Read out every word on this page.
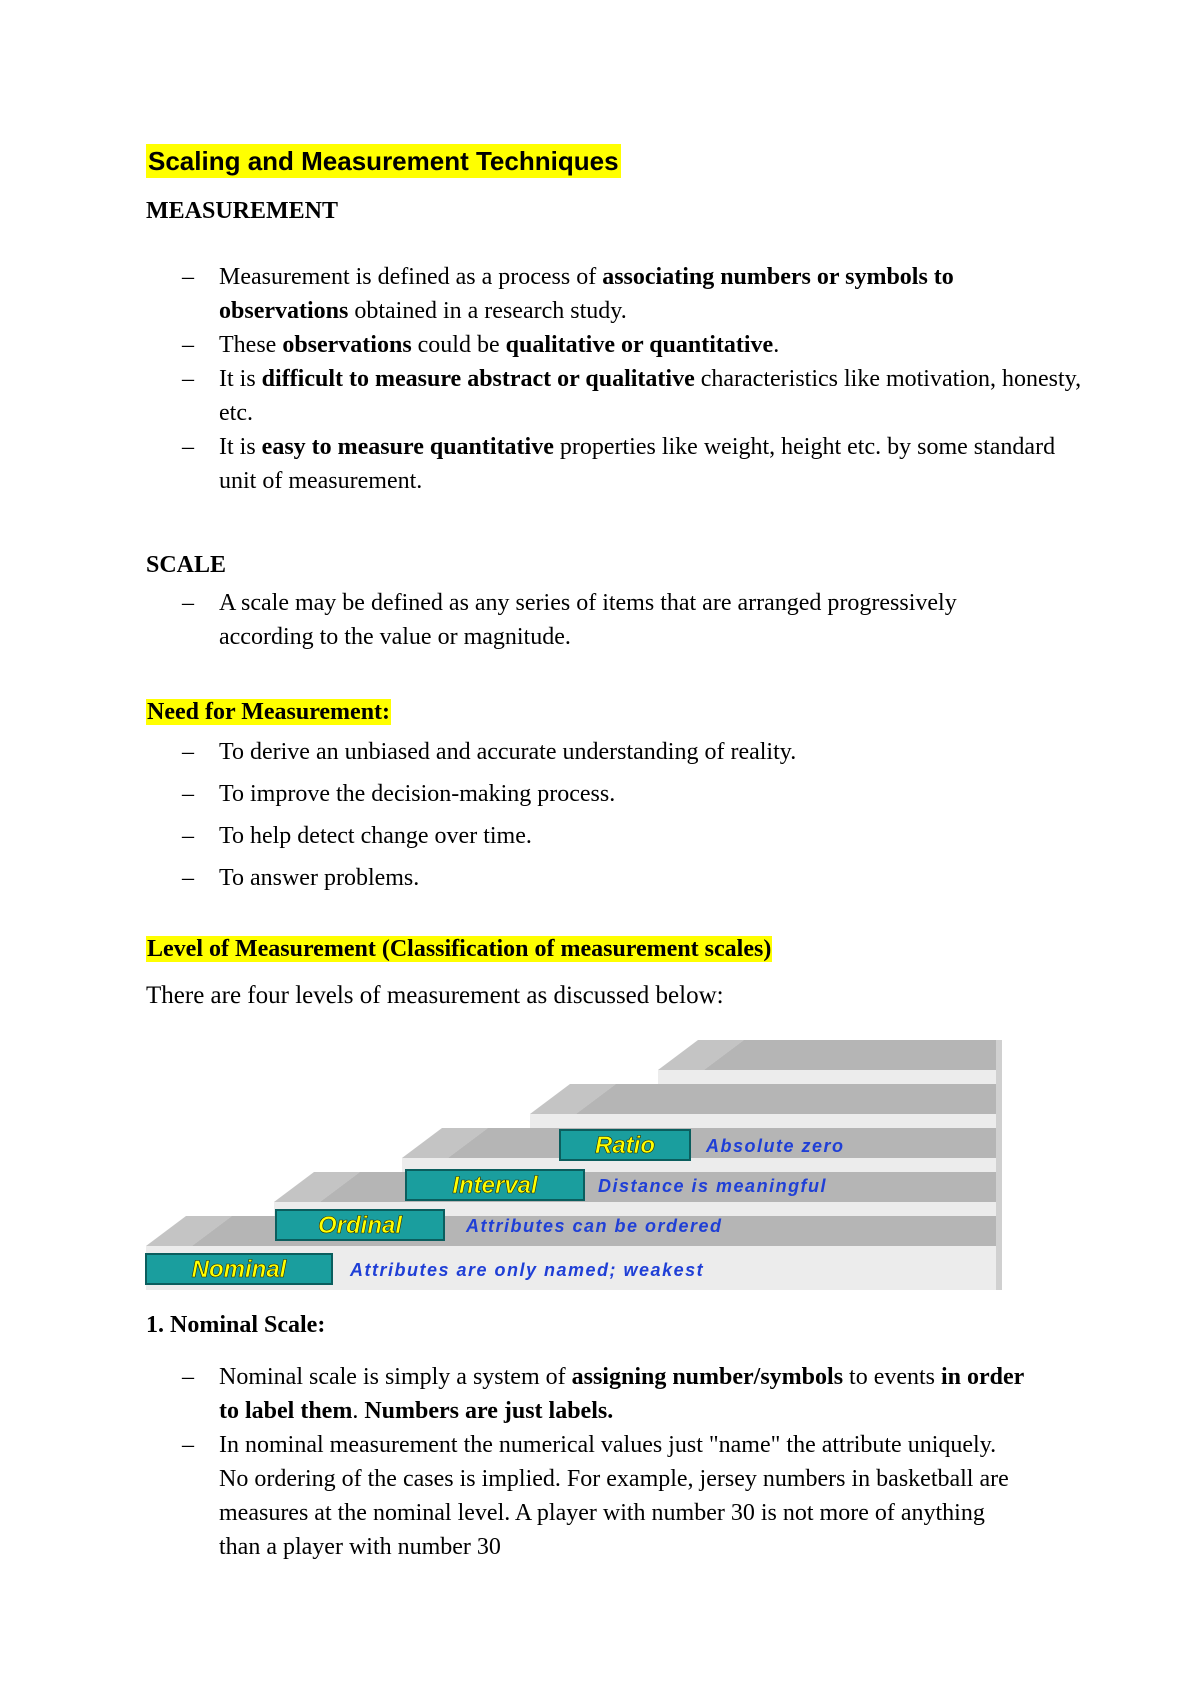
Scaling and Measurement Techniques
MEASUREMENT
– Measurement is defined as a process of associating numbers or symbols to observations obtained in a research study.
– These observations could be qualitative or quantitative.
– It is difficult to measure abstract or qualitative characteristics like motivation, honesty, etc.
– It is easy to measure quantitative properties like weight, height etc. by some standard unit of measurement.
SCALE
– A scale may be defined as any series of items that are arranged progressively according to the value or magnitude.
Need for Measurement:
– To derive an unbiased and accurate understanding of reality.
– To improve the decision-making process.
– To help detect change over time.
– To answer problems.
Level of Measurement (Classification of measurement scales)
There are four levels of measurement as discussed below:
Nominal	Attributes are only named; weakest
Ordinal	Attributes can be ordered
Interval	Distance is meaningful
Ratio	Absolute zero
1. Nominal Scale:
– Nominal scale is simply a system of assigning number/symbols to events in order to label them. Numbers are just labels.
– In nominal measurement the numerical values just "name" the attribute uniquely. No ordering of the cases is implied. For example, jersey numbers in basketball are measures at the nominal level. A player with number 30 is not more of anything than a player with number 30
